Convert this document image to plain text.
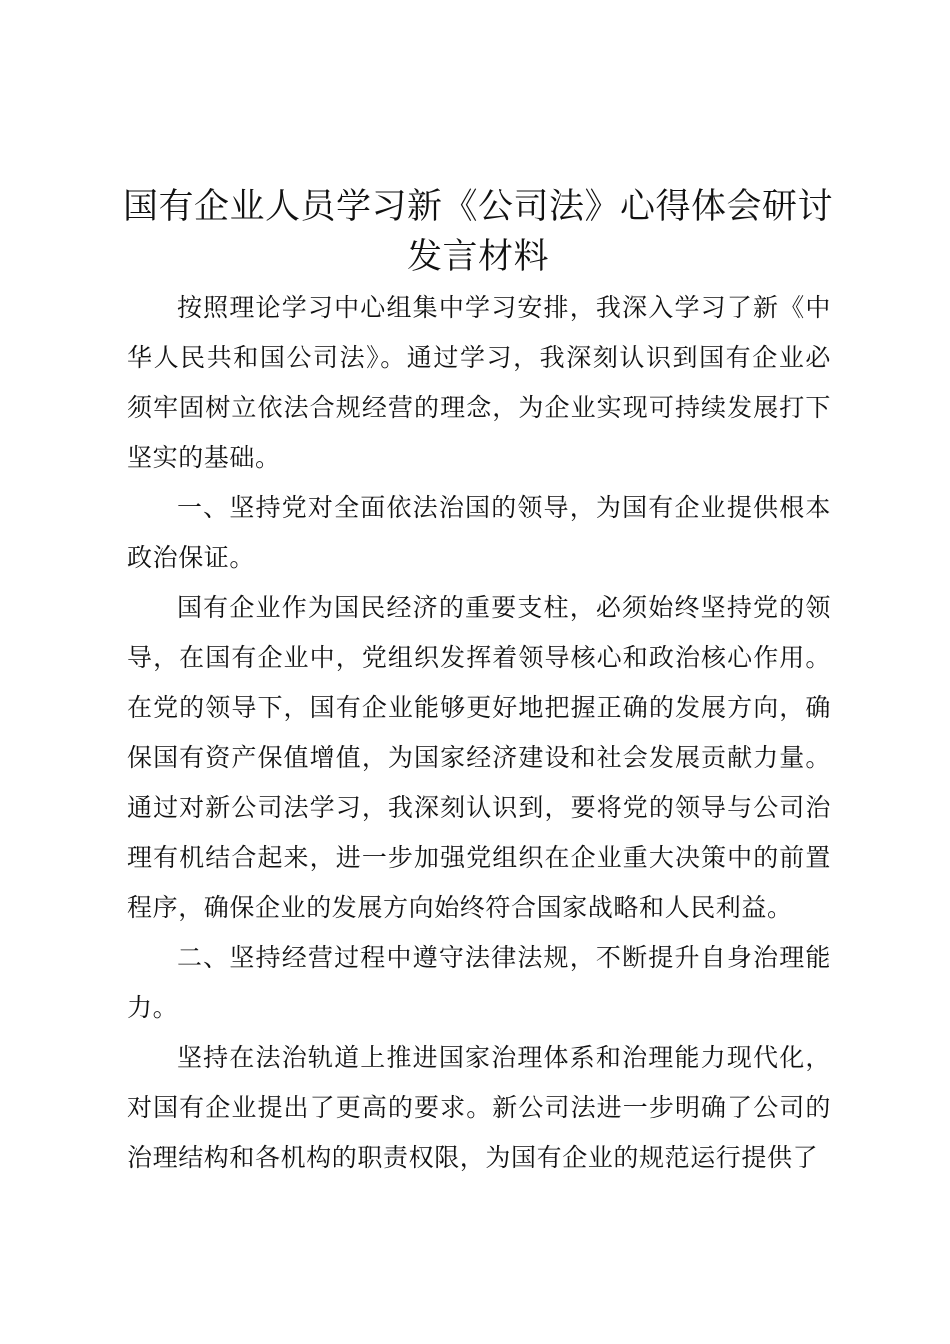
国有企业人员学习新《公司法》心得体会研讨发言材料

按照理论学习中心组集中学习安排，我深入学习了新《中华人民共和国公司法》。通过学习，我深刻认识到国有企业必须牢固树立依法合规经营的理念，为企业实现可持续发展打下坚实的基础。

一、坚持党对全面依法治国的领导，为国有企业提供根本政治保证。

国有企业作为国民经济的重要支柱，必须始终坚持党的领导，在国有企业中，党组织发挥着领导核心和政治核心作用。在党的领导下，国有企业能够更好地把握正确的发展方向，确保国有资产保值增值，为国家经济建设和社会发展贡献力量。通过对新公司法学习，我深刻认识到，要将党的领导与公司治理有机结合起来，进一步加强党组织在企业重大决策中的前置程序，确保企业的发展方向始终符合国家战略和人民利益。

二、坚持经营过程中遵守法律法规，不断提升自身治理能力。

坚持在法治轨道上推进国家治理体系和治理能力现代化，对国有企业提出了更高的要求。新公司法进一步明确了公司的治理结构和各机构的职责权限，为国有企业的规范运行提供了
